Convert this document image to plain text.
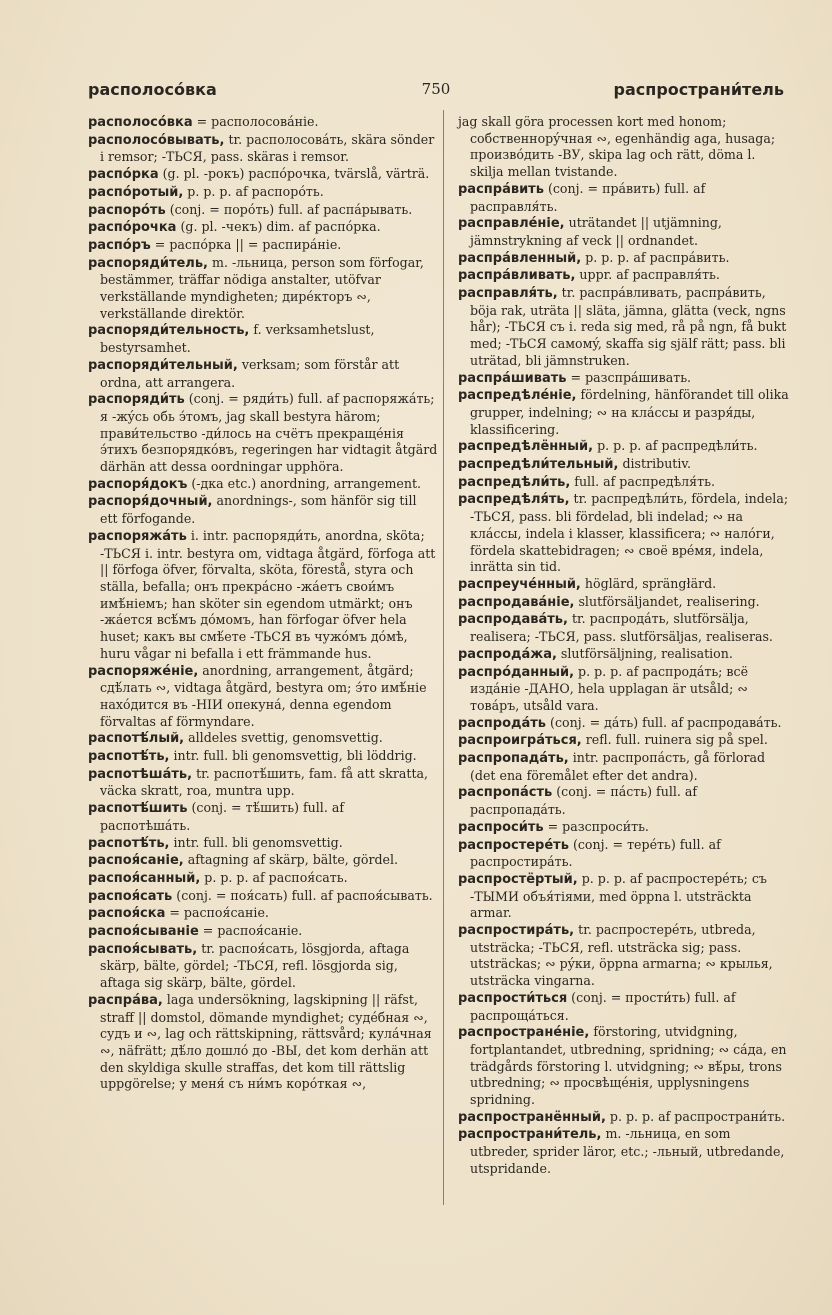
располосóвка	750	распространи́тель

располосóвка = располосовáніе.

располосóвывать, tr. располосовáть, skära sönder i remsor; -ТЬСЯ, pass. skäras i remsor.

распóрка (g. pl. -рокъ) распóрочка, tvärslå, värträ.

распóротый, p. p. p. af распорóть.

распорóть (conj. = порóть) full. af распáрывать.

распóрочка (g. pl. -чекъ) dim. af распóрка.

распóръ = распóрка || = распирáніе.

распоряди́тель, m. -льница, person som förfogar, bestämmer, träffar nödiga anstalter, utöfvar verkställande myndigheten; дирéкторъ ∾, verkställande direktör.

распоряди́тельность, f. verksamhetslust, bestyrsamhet.

распоряди́тельный, verksam; som förstår att ordna, att arrangera.

распоряди́ть (conj. = ряди́ть) full. af распоряжáть; я -жýсь обь э́томъ, jag skall bestyra härom; прави́тельство -ди́лось на счётъ прекращéнія э́тихъ безпорядкóвъ, regeringen har vidtagit åtgärd därhän att dessa oordningar upphöra.

распоря́докъ (-дка etc.) anordning, arrangement.

распоря́дочный, anordnings-, som hänför sig till ett förfogande.

распоряжáть i. intr. распоряди́ть, anordna, sköta; -ТЬСЯ i. intr. bestyra om, vidtaga åtgärd, förfoga att || förfoga öfver, förvalta, sköta, förestå, styra och ställa, befalla; онъ прекрáсно -жáетъ свои́мъ имѣ́ніемъ; han sköter sin egendom utmärkt; онъ -жáется всѣ́мъ дóмомъ, han förfogar öfver hela huset; какъ вы смѣ́ете -ТЬСЯ въ чужóмъ дóмѣ, huru vågar ni befalla i ett främmande hus.

распоряжéніе, anordning, arrangement, åtgärd; сдѣ́лать ∾, vidtaga åtgärd, bestyra om; э́то имѣ́ніе нахóдится въ -НІИ опекунá, denna egendom förvaltas af förmyndare.

распотѣ́лый, alldeles svettig, genomsvettig.

распотѣ́ть, intr. full. bli genomsvettig, bli löddrig.

распотѣшáть, tr. распотѣ́шить, fam. få att skratta, väcka skratt, roa, muntra upp.

распотѣ́шить (conj. = тѣ́шить) full. af распотѣшáть.

распотѣ́ть, intr. full. bli genomsvettig.

распоя́саніе, aftagning af skärp, bälte, gördel.

распоя́санный, p. p. p. af распоя́сать.

распоя́сать (conj. = поя́сать) full. af распоя́сывать.

распоя́ска = распоя́саніе.

распоя́сываніе = распоя́саніе.

распоя́сывать, tr. распоя́сать, lösgjorda, aftaga skärp, bälte, gördel; -ТЬСЯ, refl. lösgjorda sig, aftaga sig skärp, bälte, gördel.

распрáва, laga undersökning, lagskipning || räfst, straff || domstol, dömande myndighet; судéбная ∾, судъ и ∾, lag och rättskipning, rättsvård; кулáчная ∾, näfrätt; дѣ́ло дошлó до -ВЫ, det kom derhän att den skyldiga skulle straffas, det kom till rättslig uppgörelse; у меня́ съ ни́мъ корóткая ∾,

jag skall göra processen kort med honom; собственнорýчная ∾, egenhändig aga, husaga; произвóдить -ВУ, skipa lag och rätt, döma l. skilja mellan tvistande.

распрáвить (conj. = прáвить) full. af расправля́ть.

расправлéніе, uträtandet || utjämning, jämnstrykning af veck || ordnandet.

распрáвленный, p. p. p. af распрáвить.

распрáвливать, uppr. af расправля́ть.

расправля́ть, tr. распрáвливать, распрáвить, böja rak, uträta || släta, jämna, glätta (veck, ngns hår); -ТЬСЯ съ i. reda sig med, rå på ngn, få bukt med; -ТЬСЯ самомý, skaffa sig själf rätt; pass. bli uträtad, bli jämnstruken.

распрáшивать = разспрáшивать.

распредѣлéніе, fördelning, hänförandet till olika grupper, indelning; ∾ на клáссы и разря́ды, klassificering.

распредѣлённый, p. p. p. af распредѣли́ть.

распредѣли́тельный, distributiv.

распредѣли́ть, full. af распредѣля́ть.

распредѣля́ть, tr. распредѣли́ть, fördela, indela; -ТЬСЯ, pass. bli fördelad, bli indelad; ∾ на клáссы, indela i klasser, klassificera; ∾ налóги, fördela skattebidragen; ∾ своё врéмя, indela, inrätta sin tid.

распреучéнный, höglärd, sprängłärd.

распродавáніе, slutförsäljandet, realisering.

распродавáть, tr. распродáть, slutförsälja, realisera; -ТЬСЯ, pass. slutförsäljas, realiseras.

распродáжа, slutförsäljning, realisation.

распрóданный, p. p. p. af распродáть; всё издáніе -ДАНО, hela upplagan är utsåld; ∾ товáръ, utsåld vara.

распродáть (conj. = дáть) full. af распродавáть.

распроигрáться, refl. full. ruinera sig på spel.

распропадáть, intr. распропáсть, gå förlorad (det ena föremålet efter det andra).

распропáсть (conj. = пáсть) full. af распропадáть.

распроси́ть = разспроси́ть.

распростерéть (conj. = терéть) full. af распростирáть.

распростёртый, p. p. p. af распростерéть; съ -ТЫМИ объя́тіями, med öppna l. utsträckta armar.

распростирáть, tr. распростерéть, utbreda, utsträcka; -ТЬСЯ, refl. utsträcka sig; pass. utsträckas; ∾ рýки, öppna armarna; ∾ крылья, utsträcka vingarna.

распрости́ться (conj. = прости́ть) full. af распрощáться.

распространéніе, förstoring, utvidgning, fortplantandet, utbredning, spridning; ∾ сáда, en trädgårds förstoring l. utvidgning; ∾ вѣ́ры, trons utbredning; ∾ просвѣщéнія, upplysningens spridning.

распространённый, p. p. p. af распространи́ть.

распространи́тель, m. -льница, en som utbreder, sprider läror, etc.; -льный, utbredande, utspridande.
